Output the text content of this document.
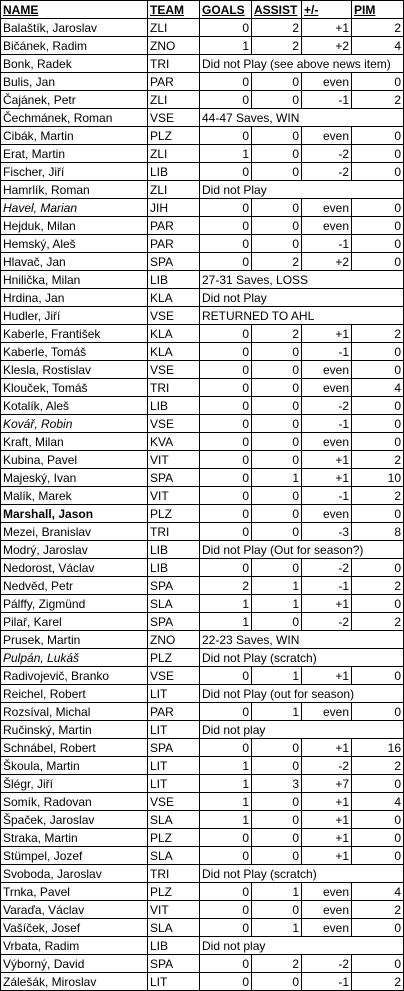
NAME	TEAM	GOALS	ASSIST	+/-	PIM
Balaštík, Jaroslav	ZLI	0	2	+1	2
Bičánek, Radim	ZNO	1	2	+2	4
Bonk, Radek	TRI	Did not Play (see above news item)			
Bulis, Jan	PAR	0	0	even	0
Čajánek, Petr	ZLI	0	0	-1	2
Čechmánek, Roman	VSE	44-47 Saves, WIN			
Cibák, Martin	PLZ	0	0	even	0
Erat, Martin	ZLI	1	0	-2	0
Fischer, Jiří	LIB	0	0	-2	0
Hamrlík, Roman	ZLI	Did not Play			
Havel, Marian	JIH	0	0	even	0
Hejduk, Milan	PAR	0	0	even	0
Hemský, Aleš	PAR	0	0	-1	0
Hlavač, Jan	SPA	0	2	+2	0
Hnilička, Milan	LIB	27-31 Saves, LOSS			
Hrdina, Jan	KLA	Did not Play			
Hudler, Jiří	VSE	RETURNED TO AHL			
Kaberle, František	KLA	0	2	+1	2
Kaberle, Tomáš	KLA	0	0	-1	0
Klesla, Rostislav	VSE	0	0	even	0
Klouček, Tomáš	TRI	0	0	even	4
Kotalík, Aleš	LIB	0	0	-2	0
Kovář, Robin	VSE	0	0	-1	0
Kraft, Milan	KVA	0	0	even	0
Kubina, Pavel	VIT	0	0	+1	2
Majeský, Ivan	SPA	0	1	+1	10
Malík, Marek	VIT	0	0	-1	2
Marshall, Jason	PLZ	0	0	even	0
Mezei, Branislav	TRI	0	0	-3	8
Modrý, Jaroslav	LIB	Did not Play (Out for season?)			
Nedorost, Václav	LIB	0	0	-2	0
Nedvěd, Petr	SPA	2	1	-1	2
Pálffy, Zigmünd	SLA	1	1	+1	0
Pilař, Karel	SPA	1	0	-2	2
Prusek, Martin	ZNO	22-23 Saves, WIN			
Pulpán, Lukáš	PLZ	Did not Play (scratch)			
Radivojevič, Branko	VSE	0	1	+1	0
Reichel, Robert	LIT	Did not Play (out for season)			
Rozsíval, Michal	PAR	0	1	even	0
Ručinský, Martin	LIT	Did not play			
Schnábel, Robert	SPA	0	0	+1	16
Škoula, Martin	LIT	1	0	-2	2
Šlégr, Jiří	LIT	1	3	+7	0
Somík, Radovan	VSE	1	0	+1	4
Špaček, Jaroslav	SLA	1	0	+1	0
Straka, Martin	PLZ	0	0	+1	0
Stümpel, Jozef	SLA	0	0	+1	0
Svoboda, Jaroslav	TRI	Did not Play (scratch)			
Trnka, Pavel	PLZ	0	1	even	4
Varaďa, Václav	VIT	0	0	even	2
Vašíček, Josef	SLA	0	1	even	0
Vrbata, Radim	LIB	Did not play			
Výborný, David	SPA	0	2	-2	0
Zálešák, Miroslav	LIT	0	0	-1	2
